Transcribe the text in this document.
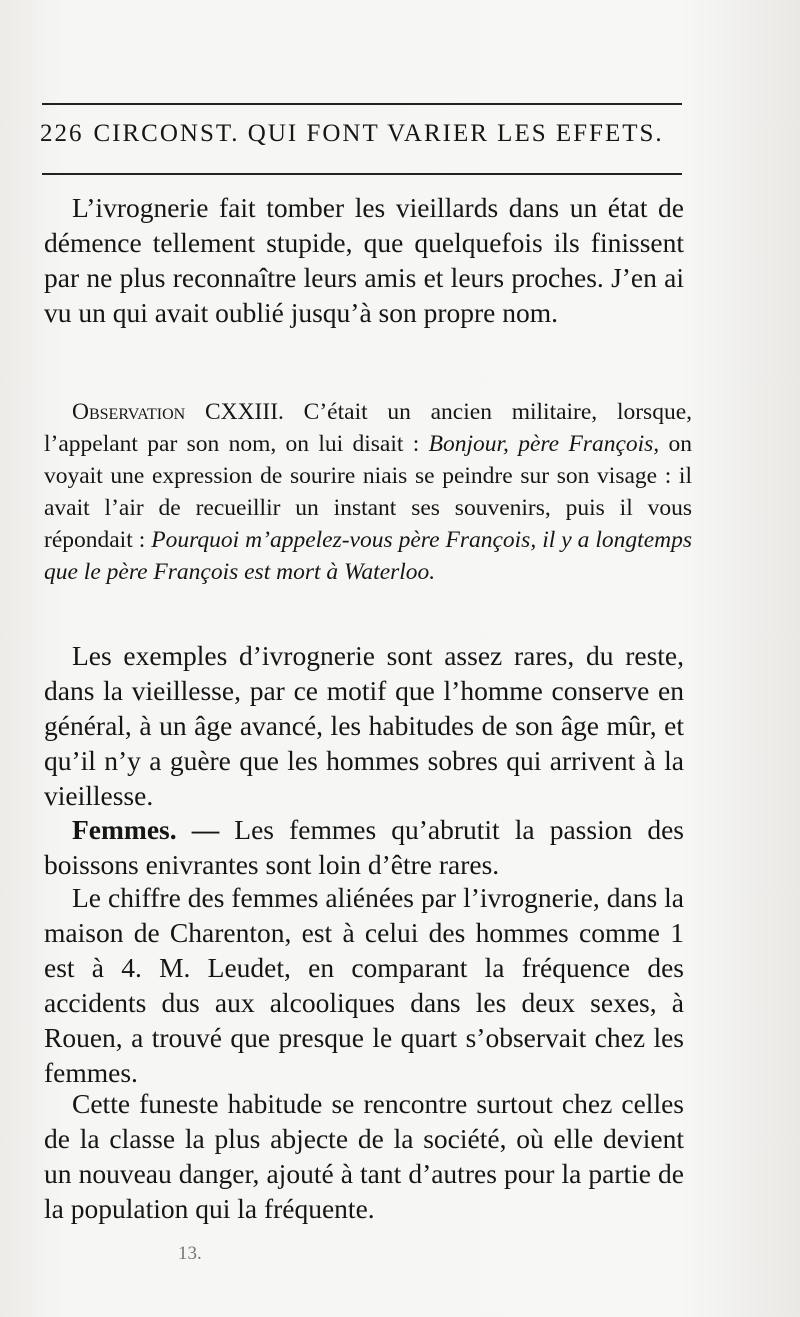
226 CIRCONST. QUI FONT VARIER LES EFFETS.
L’ivrognerie fait tomber les vieillards dans un état de démence tellement stupide, que quelquefois ils finissent par ne plus reconnaître leurs amis et leurs proches. J’en ai vu un qui avait oublié jusqu’à son propre nom.
Observation CXXIII. C’était un ancien militaire, lorsque, l’appelant par son nom, on lui disait : Bonjour, père François, on voyait une expression de sourire niais se peindre sur son visage : il avait l’air de recueillir un instant ses souvenirs, puis il vous répondait : Pourquoi m’appelez-vous père François, il y a longtemps que le père François est mort à Waterloo.
Les exemples d’ivrognerie sont assez rares, du reste, dans la vieillesse, par ce motif que l’homme conserve en général, à un âge avancé, les habitudes de son âge mûr, et qu’il n’y a guère que les hommes sobres qui arrivent à la vieillesse.
Femmes. — Les femmes qu’abrutit la passion des boissons enivrantes sont loin d’être rares.
Le chiffre des femmes aliénées par l’ivrognerie, dans la maison de Charenton, est à celui des hommes comme 1 est à 4. M. Leudet, en comparant la fréquence des accidents dus aux alcooliques dans les deux sexes, à Rouen, a trouvé que presque le quart s’observait chez les femmes.
Cette funeste habitude se rencontre surtout chez celles de la classe la plus abjecte de la société, où elle devient un nouveau danger, ajouté à tant d’autres pour la partie de la population qui la fréquente.
13.
